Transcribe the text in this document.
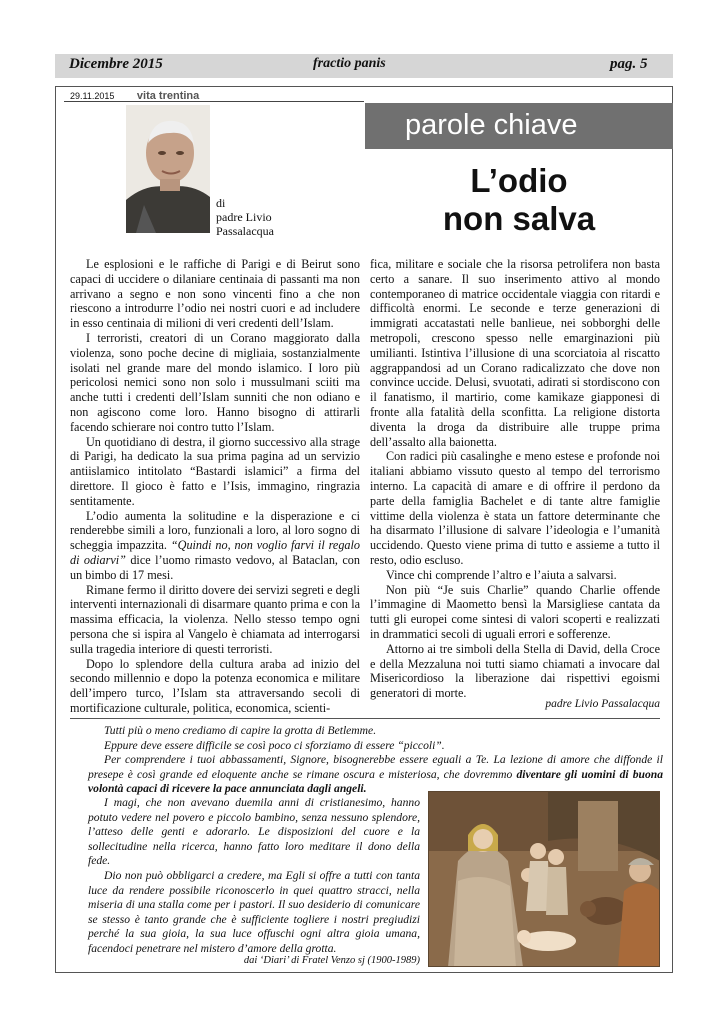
Dicembre 2015	fractio panis	pag. 5
29.11.2015 vita trentina
di
padre Livio
Passalacqua
parole chiave
L’odio
non salva

Le esplosioni e le raffiche di Parigi e di Beirut sono capaci di uccidere o dilaniare centinaia di passanti ma non arrivano a segno e non sono vincenti fino a che non riescono a introdurre l’odio nei nostri cuori e ad includere in esso centinaia di milioni di veri credenti dell’Islam.

I terroristi, creatori di un Corano maggiorato dalla violenza, sono poche decine di migliaia, sostanzialmente isolati nel grande mare del mondo islamico. I loro più pericolosi nemici sono non solo i mussulmani sciiti ma anche tutti i credenti dell’Islam sunniti che non odiano e non agiscono come loro. Hanno bisogno di attirarli facendo schierare noi contro tutto l’Islam.

Un quotidiano di destra, il giorno successivo alla strage di Parigi, ha dedicato la sua prima pagina ad un servizio antiislamico intitolato “Bastardi islamici” a firma del direttore. Il gioco è fatto e l’Isis, immagino, ringrazia sentitamente.

L’odio aumenta la solitudine e la disperazione e ci renderebbe simili a loro, funzionali a loro, al loro sogno di scheggia impazzita. “Quindi no, non voglio farvi il regalo di odiarvi” dice l’uomo rimasto vedovo, al Bataclan, con un bimbo di 17 mesi.

Rimane fermo il diritto dovere dei servizi segreti e degli interventi internazionali di disarmare quanto prima e con la massima efficacia, la violenza. Nello stesso tempo ogni persona che si ispira al Vangelo è chiamata ad interrogarsi sulla tragedia interiore di questi terroristi.

Dopo lo splendore della cultura araba ad inizio del secondo millennio e dopo la potenza economica e militare dell’impero turco, l’Islam sta attraversando secoli di mortificazione culturale, politica, economica, scienti-

fica, militare e sociale che la risorsa petrolifera non basta certo a sanare. Il suo inserimento attivo al mondo contemporaneo di matrice occidentale viaggia con ritardi e difficoltà enormi. Le seconde e terze generazioni di immigrati accatastati nelle banlieue, nei sobborghi delle metropoli, crescono spesso nelle emarginazioni più umilianti. Istintiva l’illusione di una scorciatoia al riscatto aggrappandosi ad un Corano radicalizzato che dove non convince uccide. Delusi, svuotati, adirati si stordiscono con il fanatismo, il martirio, come kamikaze giapponesi di fronte alla fatalità della sconfitta. La religione distorta diventa la droga da distribuire alle truppe prima dell’assalto alla baionetta.

Con radici più casalinghe e meno estese e profonde noi italiani abbiamo vissuto questo al tempo del terrorismo interno. La capacità di amare e di offrire il perdono da parte della famiglia Bachelet e di tante altre famiglie vittime della violenza è stata un fattore determinante che ha disarmato l’illusione di salvare l’ideologia e l’umanità uccidendo. Questo viene prima di tutto e assieme a tutto il resto, odio escluso.

Vince chi comprende l’altro e l’aiuta a salvarsi.

Non più “Je suis Charlie” quando Charlie offende l’immagine di Maometto bensì la Marsigliese cantata da tutti gli europei come sintesi di valori scoperti e realizzati in drammatici secoli di uguali errori e sofferenze.

Attorno ai tre simboli della Stella di David, della Croce e della Mezzaluna noi tutti siamo chiamati a invocare dal Misericordioso la liberazione dai rispettivi egoismi generatori di morte.

padre Livio Passalacqua

Tutti più o meno crediamo di capire la grotta di Betlemme.

Eppure deve essere difficile se così poco ci sforziamo di essere “piccoli”.

Per comprendere i tuoi abbassamenti, Signore, bisognerebbe essere eguali a Te. La lezione di amore che diffonde il presepe è così grande ed eloquente anche se rimane oscura e misteriosa, che dovremmo diventare gli uomini di buona volontà capaci di ricevere la pace annunciata dagli angeli.

I magi, che non avevano duemila anni di cristianesimo, hanno potuto vedere nel povero e piccolo bambino, senza nessuno splendore, l’atteso delle genti e adorarlo. Le disposizioni del cuore e la sollecitudine nella ricerca, hanno fatto loro meditare il dono della fede.

Dio non può obbligarci a credere, ma Egli si offre a tutti con tanta luce da rendere possibile riconoscerlo in quei quattro stracci, nella miseria di una stalla come per i pastori. Il suo desiderio di comunicare se stesso è tanto grande che è sufficiente togliere i nostri pregiudizi perché la sua gioia, la sua luce offuschi ogni altra gioia umana, facendoci penetrare nel mistero d’amore della grotta.

dai ‘Diari’ di Fratel Venzo sj (1900-1989)
